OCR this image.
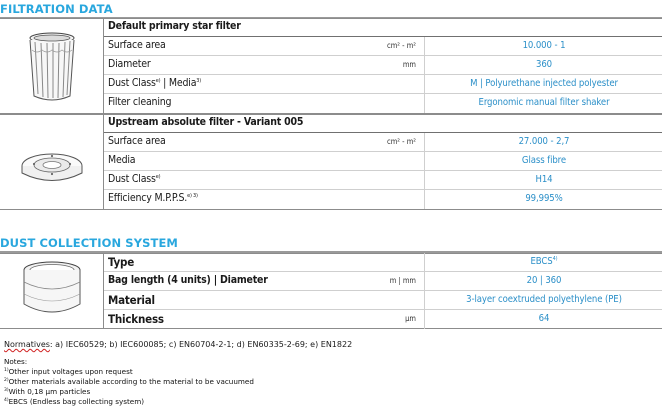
FILTRATION DATA
Default primary star filter
Surface area	cm² - m²	10.000 - 1
Diameter	mm	360
Dust Class$^{e)}$ | Media$^{3)}$	M | Polyurethane injected polyester
Filter cleaning	Ergonomic manual filter shaker
Upstream absolute filter - Variant 005
Surface area	cm² - m²	27.000 - 2,7
Media	Glass fibre
Dust Class$^{e)}$	H14
Efficiency M.P.P.S.$^{e) 3)}$	99,995%
DUST COLLECTION SYSTEM
Type	EBCS$^{4)}$
Bag length (4 units) | Diameter	m | mm	20 | 360
Material	3-layer coextruded polyethylene (PE)
Thickness	µm	64
Normatives: a) IEC60529; b) IEC600085; c) EN60704-2-1; d) EN60335-2-69; e) EN1822
Notes:
$^{1)}$Other input voltages upon request
$^{2)}$Other materials available according to the material to be vacuumed
$^{3)}$With 0,18 µm particles
$^{4)}$EBCS (Endless bag collecting system)
